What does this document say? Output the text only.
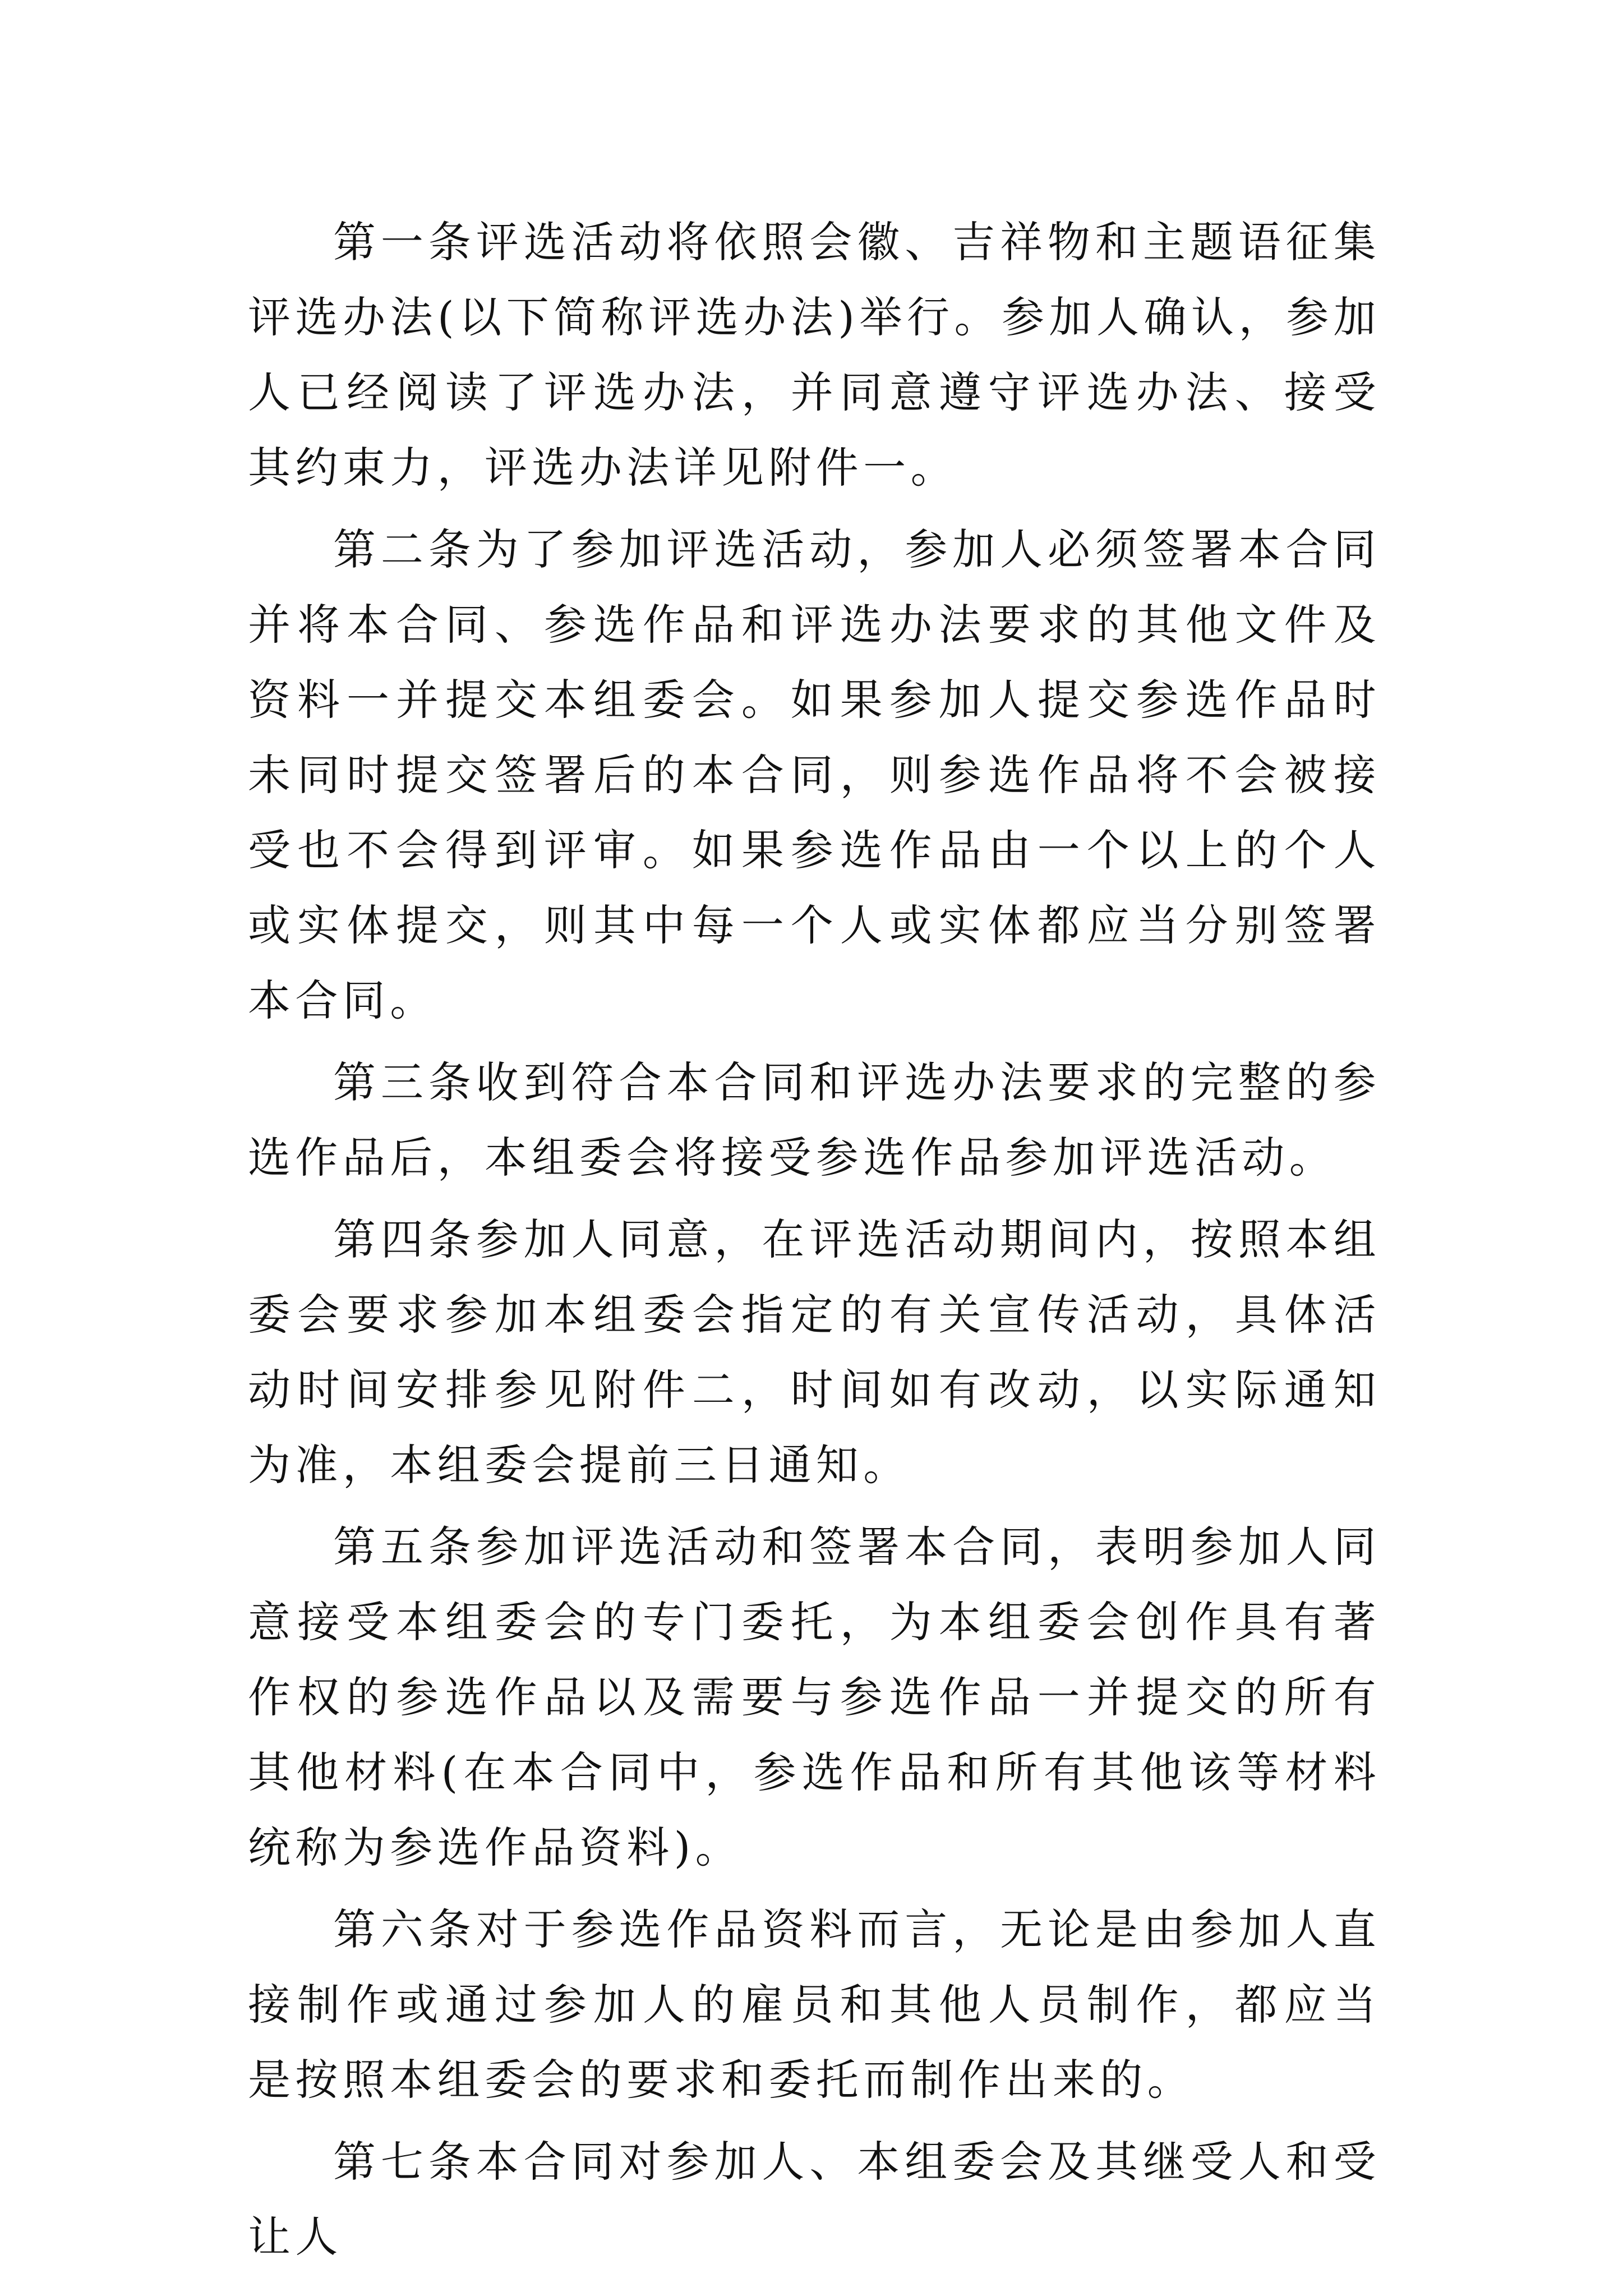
第一条评选活动将依照会徽、吉祥物和主题语征集评选办法(以下简称评选办法)举行。参加人确认，参加人已经阅读了评选办法，并同意遵守评选办法、接受其约束力，评选办法详见附件一。

第二条为了参加评选活动，参加人必须签署本合同并将本合同、参选作品和评选办法要求的其他文件及资料一并提交本组委会。如果参加人提交参选作品时未同时提交签署后的本合同，则参选作品将不会被接受也不会得到评审。如果参选作品由一个以上的个人或实体提交，则其中每一个人或实体都应当分别签署本合同。

第三条收到符合本合同和评选办法要求的完整的参选作品后，本组委会将接受参选作品参加评选活动。

第四条参加人同意，在评选活动期间内，按照本组委会要求参加本组委会指定的有关宣传活动，具体活动时间安排参见附件二，时间如有改动，以实际通知为准，本组委会提前三日通知。

第五条参加评选活动和签署本合同，表明参加人同意接受本组委会的专门委托，为本组委会创作具有著作权的参选作品以及需要与参选作品一并提交的所有其他材料(在本合同中，参选作品和所有其他该等材料统称为参选作品资料)。

第六条对于参选作品资料而言，无论是由参加人直接制作或通过参加人的雇员和其他人员制作，都应当是按照本组委会的要求和委托而制作出来的。

第七条本合同对参加人、本组委会及其继受人和受让人
